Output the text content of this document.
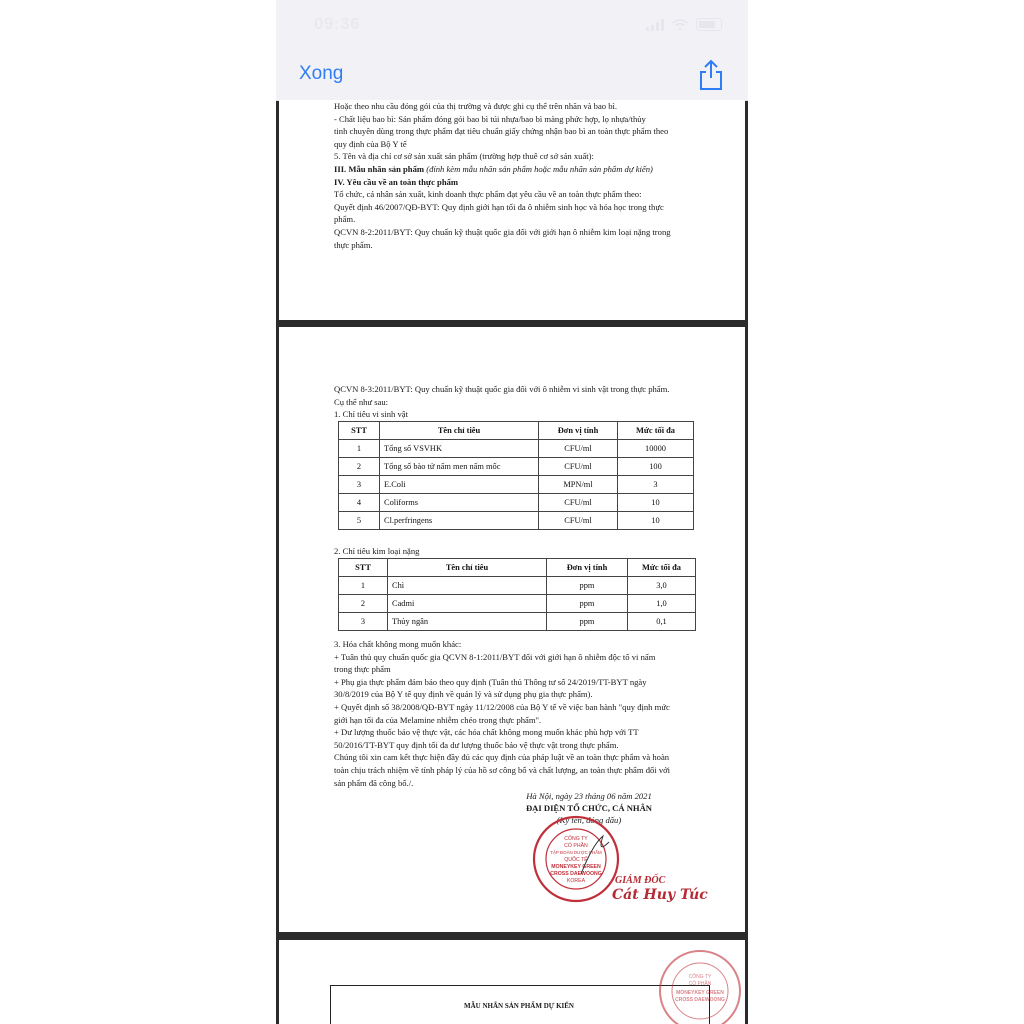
09:36
Xong

Hoặc theo nhu cầu đóng gói của thị trường và được ghi cụ thể trên nhãn và bao bì.

- Chất liệu bao bì: Sản phẩm đóng gói bao bì túi nhựa/bao bì màng phức hợp, lọ nhựa/thủy

tinh chuyên dùng trong thực phẩm đạt tiêu chuẩn giấy chứng nhận bao bì an toàn thực phẩm theo

quy định của Bộ Y tế

5. Tên và địa chỉ cơ sở sản xuất sản phẩm (trường hợp thuê cơ sở sản xuất):

III. Mẫu nhãn sản phẩm (đính kèm mẫu nhãn sản phẩm hoặc mẫu nhãn sản phẩm dự kiến)

IV. Yêu cầu về an toàn thực phẩm

Tổ chức, cá nhân sản xuất, kinh doanh thực phẩm đạt yêu cầu về an toàn thực phẩm theo:

Quyết định 46/2007/QĐ-BYT: Quy định giới hạn tối đa ô nhiễm sinh học và hóa học trong thực

phẩm.

QCVN 8-2:2011/BYT: Quy chuẩn kỹ thuật quốc gia đối với giới hạn ô nhiễm kim loại nặng trong

thực phẩm.

QCVN 8-3:2011/BYT: Quy chuẩn kỹ thuật quốc gia đối với ô nhiễm vi sinh vật trong thực phẩm.

Cụ thể như sau:

1. Chỉ tiêu vi sinh vật

STT	Tên chỉ tiêu	Đơn vị tính	Mức tối đa
1	Tổng số VSVHK	CFU/ml	10000
2	Tổng số bào tử nấm men nấm mốc	CFU/ml	100
3	E.Coli	MPN/ml	3
4	Coliforms	CFU/ml	10
5	Cl.perfringens	CFU/ml	10

2. Chỉ tiêu kim loại nặng

STT	Tên chỉ tiêu	Đơn vị tính	Mức tối đa
1	Chì	ppm	3,0
2	Cadmi	ppm	1,0
3	Thủy ngân	ppm	0,1

3. Hóa chất không mong muốn khác:

+ Tuân thủ quy chuẩn quốc gia QCVN 8-1:2011/BYT đối với giới hạn ô nhiễm độc tố vi nấm

trong thực phẩm

+ Phụ gia thực phẩm đảm bảo theo quy định (Tuân thủ Thông tư số 24/2019/TT-BYT ngày

30/8/2019 của Bộ Y tế quy định về quản lý và sử dụng phụ gia thực phẩm).

+ Quyết định số 38/2008/QĐ-BYT ngày 11/12/2008 của Bộ Y tế về việc ban hành "quy định mức

giới hạn tối đa của Melamine nhiễm chéo trong thực phẩm".

+ Dư lượng thuốc bảo vệ thực vật, các hóa chất không mong muốn khác phù hợp với TT

50/2016/TT-BYT quy định tối đa dư lượng thuốc bảo vệ thực vật trong thực phẩm.

Chúng tôi xin cam kết thực hiện đầy đủ các quy định của pháp luật về an toàn thực phẩm và hoàn

toàn chịu trách nhiệm về tính pháp lý của hồ sơ công bố và chất lượng, an toàn thực phẩm đối với

sản phẩm đã công bố./.

Hà Nội, ngày 23 tháng 06 năm 2021
ĐẠI DIỆN TỔ CHỨC, CÁ NHÂN
(Ký tên, đóng dấu)
CÔNG TY
CỔ PHẦN
TẬP ĐOÀN DƯỢC PHẨM
QUỐC TẾ
MONEYKEY GREEN
CROSS DAEWOONG
KOREA	GIÁM ĐỐC
Cát Huy Túc
MẪU NHÃN SẢN PHẨM DỰ KIẾN
CÔNG TY
CỔ PHẦN
MONEYKEY GREEN
CROSS DAEWOONG
